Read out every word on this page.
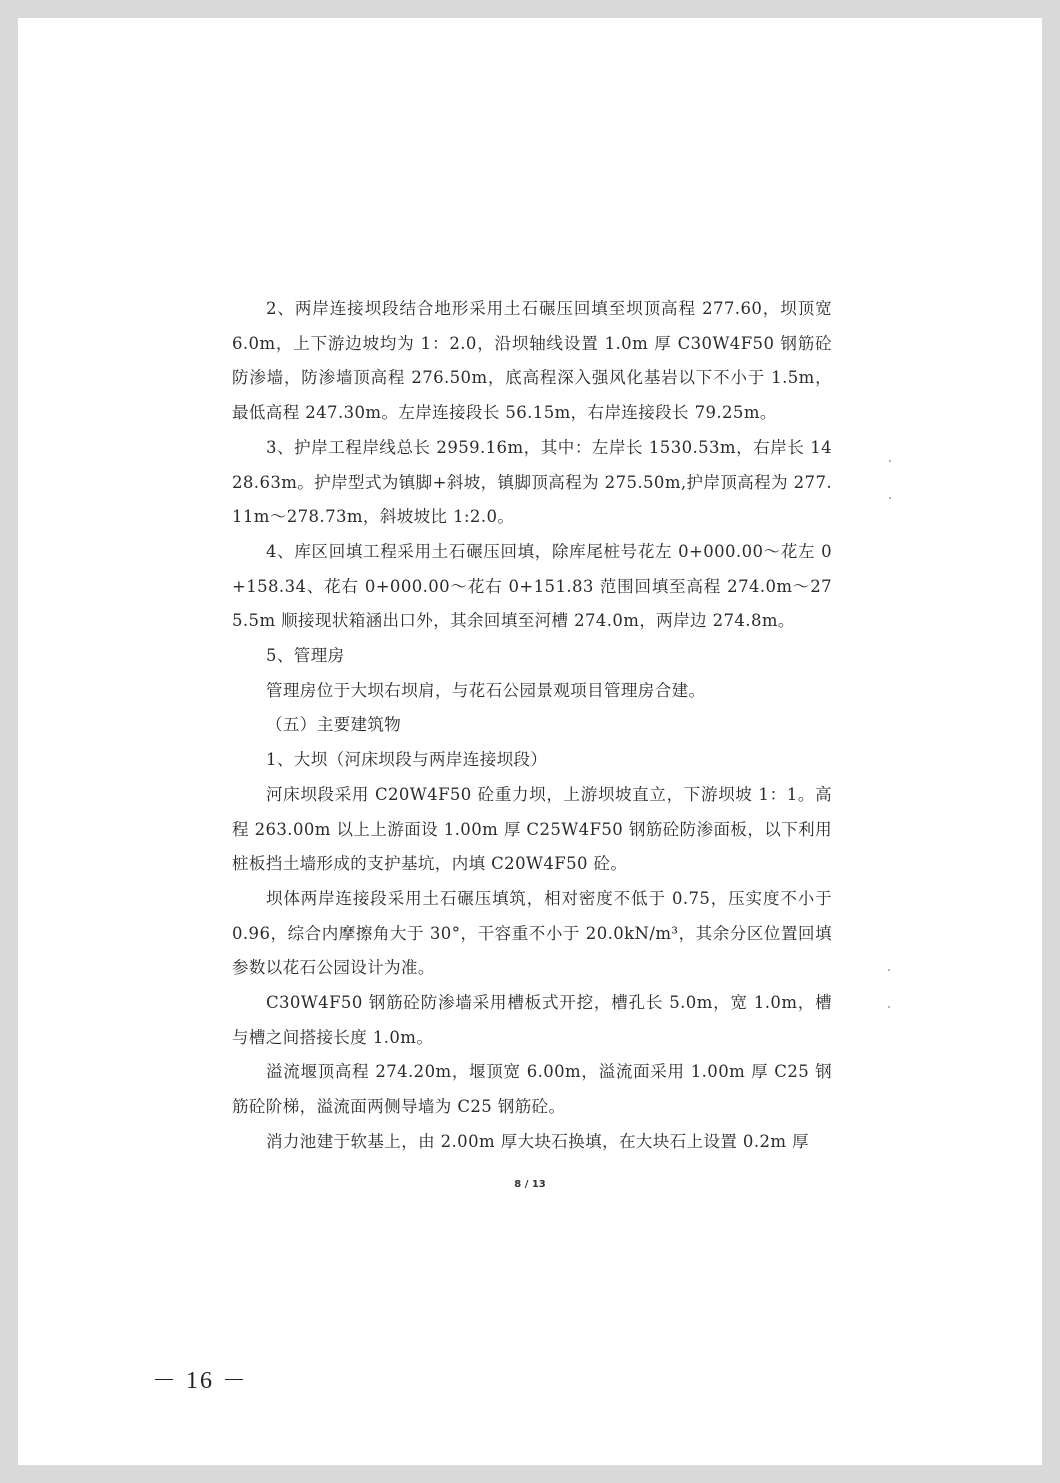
2、两岸连接坝段结合地形采用土石碾压回填至坝顶高程 277.60，坝顶宽 6.0m，上下游边坡均为 1：2.0，沿坝轴线设置 1.0m 厚 C30W4F50 钢筋砼防渗墙，防渗墙顶高程 276.50m，底高程深入强风化基岩以下不小于 1.5m，最低高程 247.30m。左岸连接段长 56.15m，右岸连接段长 79.25m。

3、护岸工程岸线总长 2959.16m，其中：左岸长 1530.53m，右岸长 1428.63m。护岸型式为镇脚+斜坡，镇脚顶高程为 275.50m,护岸顶高程为 277.11m～278.73m，斜坡坡比 1:2.0。

4、库区回填工程采用土石碾压回填，除库尾桩号花左 0+000.00～花左 0+158.34、花右 0+000.00～花右 0+151.83 范围回填至高程 274.0m～275.5m 顺接现状箱涵出口外，其余回填至河槽 274.0m，两岸边 274.8m。

5、管理房

管理房位于大坝右坝肩，与花石公园景观项目管理房合建。

（五）主要建筑物

1、大坝（河床坝段与两岸连接坝段）

河床坝段采用 C20W4F50 砼重力坝，上游坝坡直立，下游坝坡 1：1。高程 263.00m 以上上游面设 1.00m 厚 C25W4F50 钢筋砼防渗面板，以下利用桩板挡土墙形成的支护基坑，内填 C20W4F50 砼。

坝体两岸连接段采用土石碾压填筑，相对密度不低于 0.75，压实度不小于 0.96，综合内摩擦角大于 30°，干容重不小于 20.0kN/m³，其余分区位置回填参数以花石公园设计为准。

C30W4F50 钢筋砼防渗墙采用槽板式开挖，槽孔长 5.0m，宽 1.0m，槽与槽之间搭接长度 1.0m。

溢流堰顶高程 274.20m，堰顶宽 6.00m，溢流面采用 1.00m 厚 C25 钢筋砼阶梯，溢流面两侧导墙为 C25 钢筋砼。

消力池建于软基上，由 2.00m 厚大块石换填，在大块石上设置 0.2m 厚

8 / 13
－ 16 －
